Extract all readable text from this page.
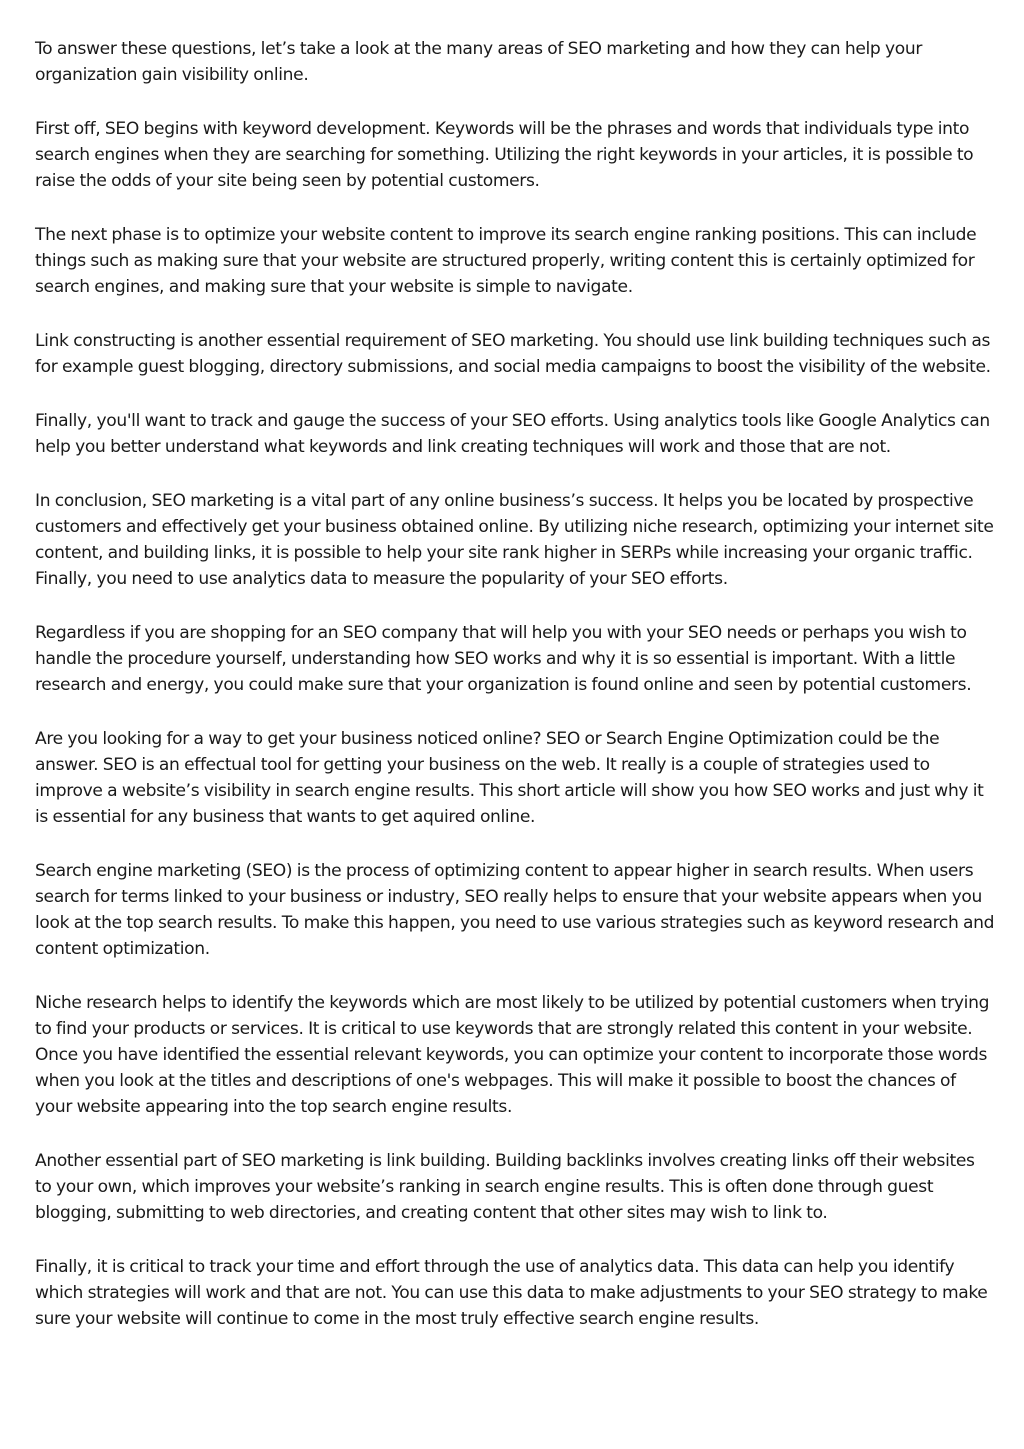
To answer these questions, let’s take a look at the many areas of SEO marketing and how they can help your organization gain visibility online.

First off, SEO begins with keyword development. Keywords will be the phrases and words that individuals type into search engines when they are searching for something. Utilizing the right keywords in your articles, it is possible to raise the odds of your site being seen by potential customers.

The next phase is to optimize your website content to improve its search engine ranking positions. This can include things such as making sure that your website are structured properly, writing content this is certainly optimized for search engines, and making sure that your website is simple to navigate.

Link constructing is another essential requirement of SEO marketing. You should use link building techniques such as for example guest blogging, directory submissions, and social media campaigns to boost the visibility of the website.

Finally, you'll want to track and gauge the success of your SEO efforts. Using analytics tools like Google Analytics can help you better understand what keywords and link creating techniques will work and those that are not.

In conclusion, SEO marketing is a vital part of any online business’s success. It helps you be located by prospective customers and effectively get your business obtained online. By utilizing niche research, optimizing your internet site content, and building links, it is possible to help your site rank higher in SERPs while increasing your organic traffic. Finally, you need to use analytics data to measure the popularity of your SEO efforts.

Regardless if you are shopping for an SEO company that will help you with your SEO needs or perhaps you wish to handle the procedure yourself, understanding how SEO works and why it is so essential is important. With a little research and energy, you could make sure that your organization is found online and seen by potential customers.

Are you looking for a way to get your business noticed online? SEO or Search Engine Optimization could be the answer. SEO is an effectual tool for getting your business on the web. It really is a couple of strategies used to improve a website’s visibility in search engine results. This short article will show you how SEO works and just why it is essential for any business that wants to get aquired online.

Search engine marketing (SEO) is the process of optimizing content to appear higher in search results. When users search for terms linked to your business or industry, SEO really helps to ensure that your website appears when you look at the top search results. To make this happen, you need to use various strategies such as keyword research and content optimization.

Niche research helps to identify the keywords which are most likely to be utilized by potential customers when trying to find your products or services. It is critical to use keywords that are strongly related this content in your website. Once you have identified the essential relevant keywords, you can optimize your content to incorporate those words when you look at the titles and descriptions of one's webpages. This will make it possible to boost the chances of your website appearing into the top search engine results.

Another essential part of SEO marketing is link building. Building backlinks involves creating links off their websites to your own, which improves your website’s ranking in search engine results. This is often done through guest blogging, submitting to web directories, and creating content that other sites may wish to link to.

Finally, it is critical to track your time and effort through the use of analytics data. This data can help you identify which strategies will work and that are not. You can use this data to make adjustments to your SEO strategy to make sure your website will continue to come in the most truly effective search engine results.
